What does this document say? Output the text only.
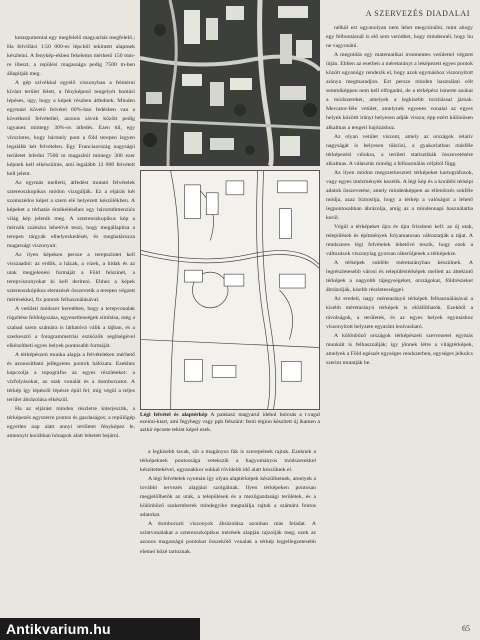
A SZERVEZÉS DIADALAI
Légi felvétel és alaptérkép A pankasz magyarul idehol bolcsás a t.vagal ezeimi-ktart, ami fegyhegy vagy ppb felszünt: fenti région készített új ikamen a aztkir épcsete tekint képel ezek.

ketargumental egy megfelelő magyarítás megfelelő.; Ha felvillási 1:50 000-es lépcből tekintett alapmek készleini. A fenykép-ekben fekelemn mérhető 150 mm-re illeszt, a repülési magassága pedig 7500 m-ben állapítják meg.

A gép szívékkal egyelő viszonyban a felmérni kívánt terület felett, a fényképező tengelyét bontási lépéses, úgy, hogy a képek részben átfednek. Minden egymást követő felvétel 60%-ban fedésben van a következő felvétellel, azonos sávok között pedig ugyanez mintegy 30%-os átfedés. Ezen túl, egy vízszintes, hogy bármely pont a föld terepen legyen legalább két felvételen. Egy Franciaország nagyságú területet lefedni 7500 m magasból mintegy 300 ezer képnek kell elkészülnie, ami legalább 12 000 felvételt kell jelent.

Az egymás melletti, átfedést mutató felvételek sztereoszkopikus módon vizsgálják. Ez a eljárás két szomszédos képet a szem elé helyezett készülékben. A képeket a térhatás érzékeléséhez egy háromdimenziós világ kép jelenik meg. A sztereoszkopikus kép a mérnök számára lehetővé teszi, hogy megállapítsa a terepen tárgyak elhelyezkedését, és meghatározza magassági viszonyait.

Az ilyen képeken persze a terepszintet kell visszaadni: az erdők, a házak, a vizek, a hidak és az utak megjelenési formáját a Föld felszínét, a terepviszonyokat ki kell deríteni. Ehhez a képek sztereoszkópikus elemzését összevetik a terepen végzett mérésekkel, fix pontok felhasználásával.

A vetületi módszer keretében, hogy a terepvonalak rögzítése feldolgozása, egyenetlenségek simítása, még a szabad szem számára is láthatóvá válik a tájban, és a szerkesztő a fotogrammetriai eszközök segítségével elkészítheti egyes helyek pontosabb formáját.

A térképészeti munka alapja a felvételeken mérhető és azonosítható jellegzetes pontok hálózata. Ezekhez kapcsolja a topográfus az egyes részleteket: a vízfolyásokat, az utak vonalát és a domborzatot. A térkép így lépésről lépésre épül fel, míg végül a teljes terület ábrázolása elkészül.

Ha az eljárást minden részletre kiterjesztik, a térképezés egyszerre pontos és gazdaságos; a repülőgép egyetlen nap alatt annyi területet fényképez le, amennyit korábban hónapok alatt lehetett bejárni.

a legkisebb tavak, sőt a magányos fák is szerepelnek rajtuk. Ezeknek a térképeknek pontossága vetekszik a hagyományos módszerekkel készítettekével, ugyanakkor sokkal rövidebb idő alatt készülnek el.

A légi felvételek nyomán így olyan alaptérképek készülhetnek, amelyek a további tervezés alapjául szolgálnak. Ilyen térképeken pontosan megjelölhetők az utak, a települések és a mezőgazdasági területek, és a különböző szakemberek mindegyike megtalálja rajtuk a számára fontos adatokat.

A domborzati viszonyok ábrázolása azonban más feladat. A szintvonalakat a sztereoszkópikus mérések alapján rajzolják meg; ezek az azonos magasságú pontokat összekötő vonalak a térkép legjellegzetesebb elemei közé tartoznak.

nélkül ezt ugyanolyan nem lehet megcsinálni, mint ahogy egy felbontásnál is elő sem vetódhet, hogy mindennél, hogy hu ne vagyonáni.

A megoldás egy matematikai ironmentes vetülettel végzett útján. Ebben az esetben a méretarányt a leképezett egyes pontok között ugyanúgy rendezik el, hogy azok egymáshoz viszonyított aránya megmaradjon. Ezt persze minden használati célt semmiképpen nem kell elfogadni, de a térképész ismerte azokat a módszereket, amelyek a legkisebb torzítással járnak. Mercator-féle vetület, amelynek egyenes vonalai az egyes helyek közötti irányt helyesen adják vissza; épp ezért különösen alkalmas a tengeri hajózáshoz.

Az olyan vetület viszont, amely az országok relatív nagyságát is helyesen tükrözi, a gyakorlatban másféle térképezési célokra, a területi statisztikák összevetésére alkalmas. A választás mindig a felhasználás céljától függ.

Az ilyen módon megszerkesztett térképeket kartográfusok, vagy egyes intézmények kezelik. A légi kép és a korábbi térképi adatok összevetése, amely mindenképpen az ellenőrzés sokféle módja, azaz biztosítja, hogy a térkép a valóságot a lehető legpontosabban ábrázolja, amíg az a mindennapi használatba kerül.

Végül a térképeket újra és újra frissíteni kell: az új utak, települések és építmények folyamatosan változtatják a tájat. A rendszeres légi felvételek lehetővé teszik, hogy ezek a változások viszonylag gyorsan rákerüljenek a térképekre.

A térképek sokféle méretarányban készülnek. A legrészletesebb városi és településtérképek mellett az áttekintő térképek a nagyobb tájegységeket, országokat, földrészeket ábrázolják, kisebb részletességgel.

Az eredeti, nagy méretarányú térképek felhasználásával a kisebb méretarányú térképek is előállíthatók. Ezekből a távolságok, a területek, és az egyes helyek egymáshoz viszonyított helyzete egyaránt leolvasható.

A különböző országok térképészeti szervezetei egymás munkáit is felhasználják; így jönnek létre a világtérképek, amelyek a Föld egészét egységes rendszerben, egységes jelkulcs szerint mutatják be.

65
Antikvarium.hu
